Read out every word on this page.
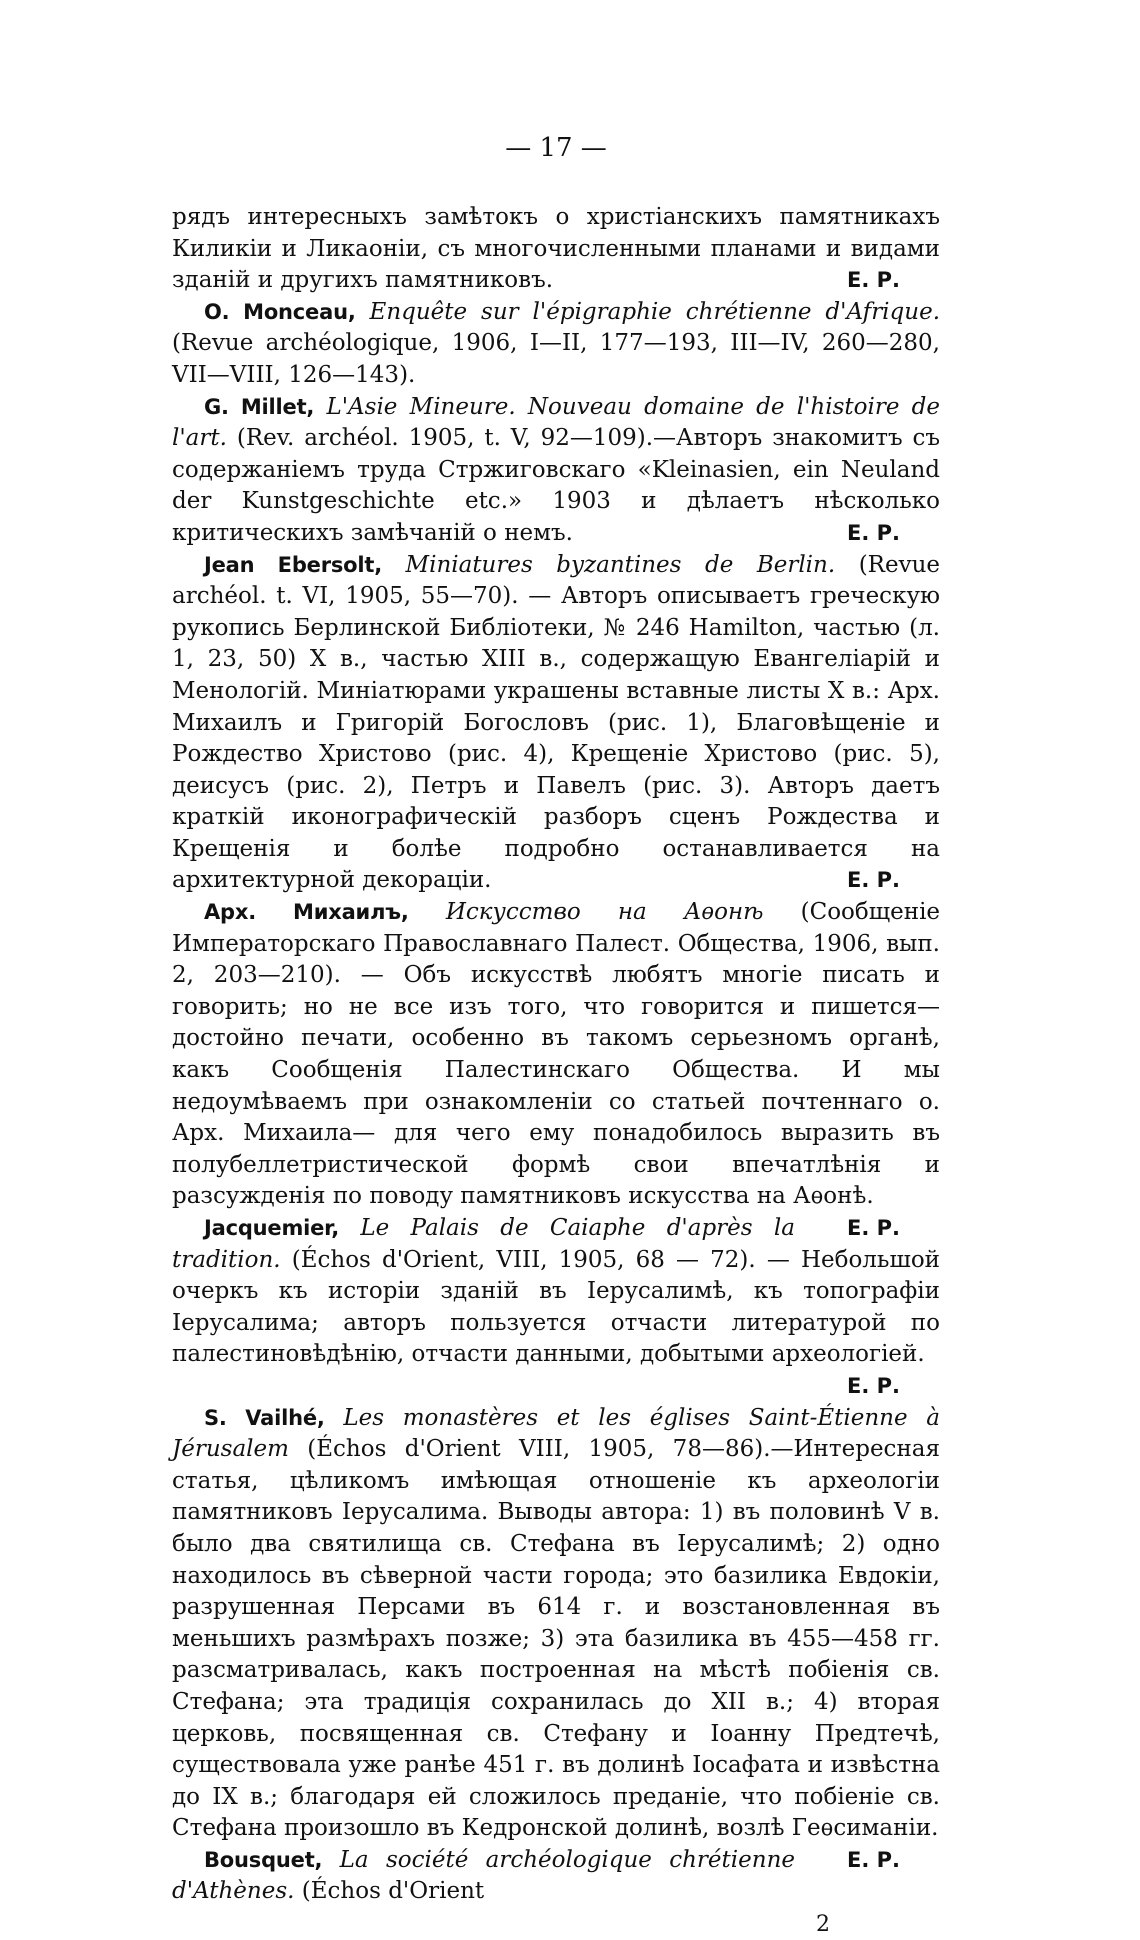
— 17 —

рядъ интересныхъ замѣтокъ о христіанскихъ памятникахъ Киликіи и Ликаоніи, съ многочисленными планами и видами зданій и другихъ памятниковъ.	Е. Р.

О. Monceau, Enquête sur l'épigraphie chrétienne d'Afrique. (Revue archéologique, 1906, I—II, 177—193, III—IV, 260—280, VII—VIII, 126—143).

G. Millet, L'Asie Mineure. Nouveau domaine de l'histoire de l'art. (Rev. archéol. 1905, t. V, 92—109).—Авторъ знакомитъ съ содержаніемъ труда Стржиговскаго «Kleinasien, ein Neuland der Kunstgeschichte etc.» 1903 и дѣлаетъ нѣсколько критическихъ замѣчаній о немъ.	Е. Р.

Jean Ebersolt, Miniatures byzantines de Berlin. (Revue archéol. t. VI, 1905, 55—70). — Авторъ описываетъ греческую рукопись Берлинской Библіотеки, № 246 Hamilton, частью (л. 1, 23, 50) X в., частью XIII в., содержащую Евангеліарій и Менологій. Миніатюрами украшены вставные листы X в.: Арх. Михаилъ и Григорій Богословъ (рис. 1), Благовѣщеніе и Рождество Христово (рис. 4), Крещеніе Христово (рис. 5), деисусъ (рис. 2), Петръ и Павелъ (рис. 3). Авторъ даетъ краткій иконографическій разборъ сценъ Рождества и Крещенія и болѣе подробно останавливается на архитектурной декораціи.	Е. Р.

Арх. Михаилъ, Искусство на Аѳонѣ (Сообщеніе Императорскаго Православнаго Палест. Общества, 1906, вып. 2, 203—210). — Объ искусствѣ любятъ многіе писать и говорить; но не все изъ того, что говорится и пишется—достойно печати, особенно въ такомъ серьезномъ органѣ, какъ Сообщенія Палестинскаго Общества. И мы недоумѣваемъ при ознакомленіи со статьей почтеннаго о. Арх. Михаила— для чего ему понадобилось выразить въ полубеллетристической формѣ свои впечатлѣнія и разсужденія по поводу памятниковъ искусства на Аѳонѣ.
Е. Р.

Jacquemier, Le Palais de Caiaphe d'après la tradition. (Échos d'Orient, VIII, 1905, 68 — 72). — Небольшой очеркъ къ исторіи зданій въ Іерусалимѣ, къ топографіи Іерусалима; авторъ пользуется отчасти литературой по палестиновѣдѣнію, отчасти данными, добытыми археологіей.

Е. Р.

S. Vailhé, Les monastères et les églises Saint-Étienne à Jérusalem (Échos d'Orient VIII, 1905, 78—86).—Интересная статья, цѣликомъ имѣющая отношеніе къ археологіи памятниковъ Іерусалима. Выводы автора: 1) въ половинѣ V в. было два святилища св. Стефана въ Іерусалимѣ; 2) одно находилось въ сѣверной части города; это базилика Евдокіи, разрушенная Персами въ 614 г. и возстановленная въ меньшихъ размѣрахъ позже; 3) эта базилика въ 455—458 гг. разсматривалась, какъ построенная на мѣстѣ побіенія св. Стефана; эта традиція сохранилась до XII в.; 4) вторая церковь, посвященная св. Стефану и Іоанну Предтечѣ, существовала уже ранѣе 451 г. въ долинѣ Іосафата и извѣстна до IX в.; благодаря ей сложилось преданіе, что побіеніе св. Стефана произошло въ Кедронской долинѣ, возлѣ Геѳсиманіи.
Е. Р.

Bousquet, La société archéologique chrétienne d'Athènes. (Échos d'Orient

2
